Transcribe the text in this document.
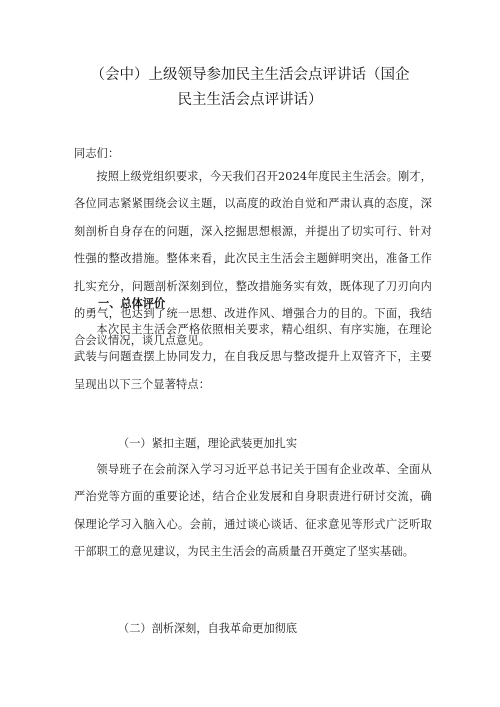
（会中）上级领导参加民主生活会点评讲话（国企
民主生活会点评讲话）
同志们：
按照上级党组织要求，今天我们召开2024年度民主生活会。刚才，各位同志紧紧围绕会议主题，以高度的政治自觉和严肃认真的态度，深刻剖析自身存在的问题，深入挖掘思想根源，并提出了切实可行、针对性强的整改措施。整体来看，此次民主生活会主题鲜明突出，准备工作扎实充分，问题剖析深刻到位，整改措施务实有效，既体现了刀刃向内的勇气，也达到了统一思想、改进作风、增强合力的目的。下面，我结合会议情况，谈几点意见。
一、总体评价
本次民主生活会严格依照相关要求，精心组织、有序实施，在理论武装与问题查摆上协同发力，在自我反思与整改提升上双管齐下，主要呈现出以下三个显著特点：
（一）紧扣主题，理论武装更加扎实
领导班子在会前深入学习习近平总书记关于国有企业改革、全面从严治党等方面的重要论述，结合企业发展和自身职责进行研讨交流，确保理论学习入脑入心。会前，通过谈心谈话、征求意见等形式广泛听取干部职工的意见建议，为民主生活会的高质量召开奠定了坚实基础。
（二）剖析深刻，自我革命更加彻底
